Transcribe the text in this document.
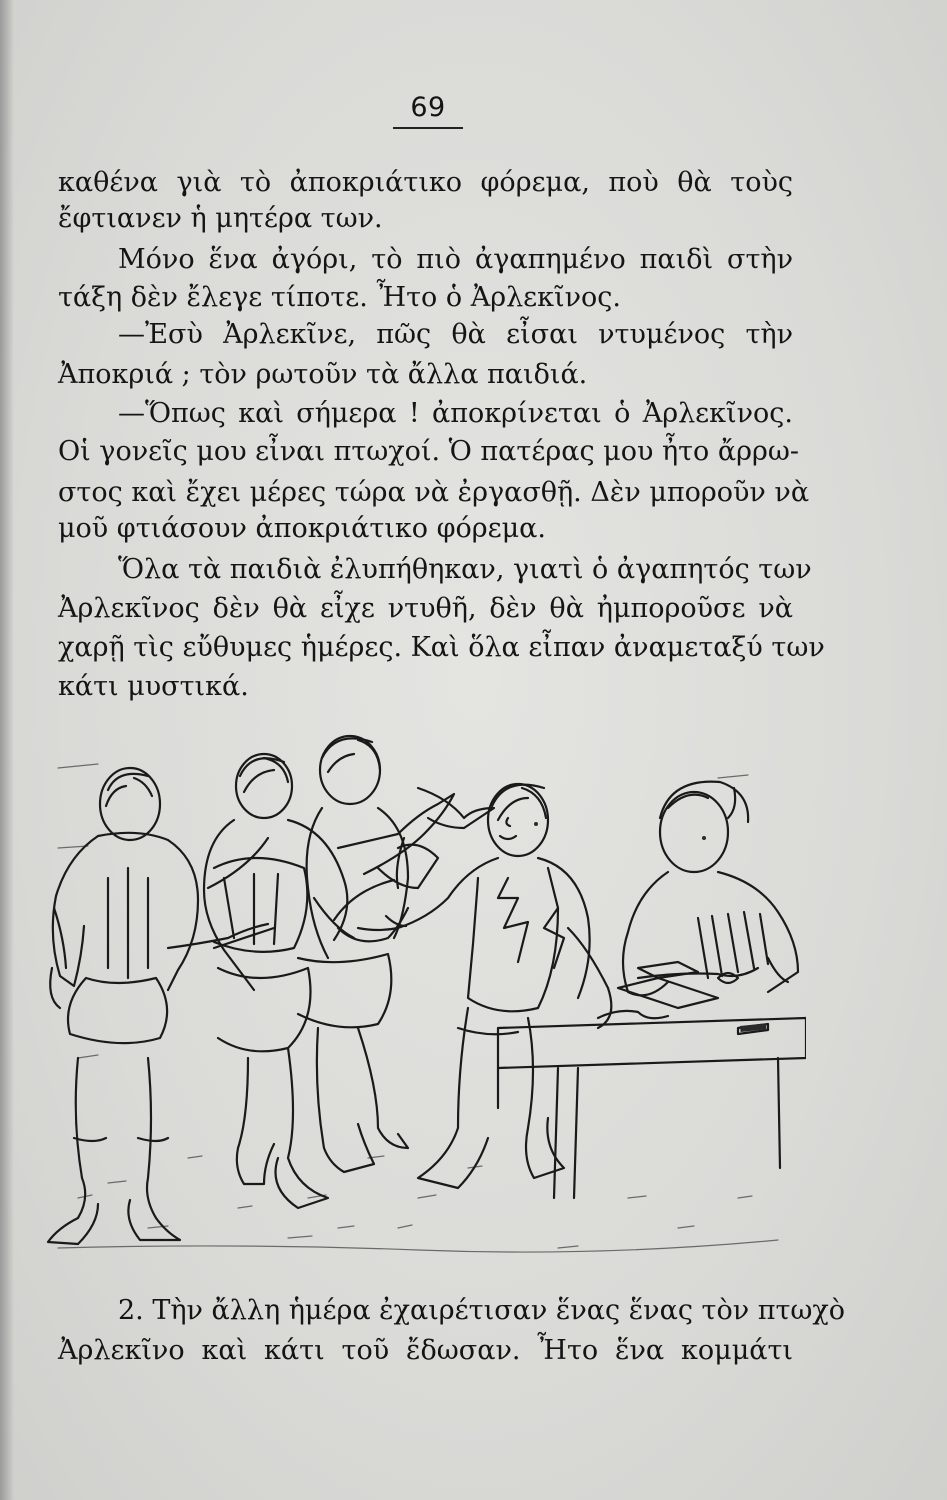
69
καθένα γιὰ τὸ ἀποκριάτικο φόρεμα, ποὺ θὰ τοὺς
ἔφτιανεν ἡ μητέρα των.
Μόνο ἕνα ἀγόρι, τὸ πιὸ ἀγαπημένο παιδὶ στὴν
τάξη δὲν ἔλεγε τίποτε. Ἦτο ὁ Ἀρλεκῖνος.
—Ἐσὺ Ἀρλεκῖνε, πῶς θὰ εἶσαι ντυμένος τὴν
Ἀποκριά ; τὸν ρωτοῦν τὰ ἄλλα παιδιά.
—Ὅπως καὶ σήμερα ! ἀποκρίνεται ὁ Ἀρλεκῖνος.
Οἱ γονεῖς μου εἶναι πτωχοί. Ὁ πατέρας μου ἦτο ἄρρω-
στος καὶ ἔχει μέρες τώρα νὰ ἐργασθῇ. Δὲν μποροῦν νὰ
μοῦ φτιάσουν ἀποκριάτικο φόρεμα.
Ὅλα τὰ παιδιὰ ἐλυπήθηκαν, γιατὶ ὁ ἀγαπητός των
Ἀρλεκῖνος δὲν θὰ εἶχε ντυθῆ, δὲν θὰ ἠμποροῦσε νὰ
χαρῇ τὶς εὔθυμες ἡμέρες. Καὶ ὅλα εἶπαν ἀναμεταξύ των
κάτι μυστικά.
2. Τὴν ἄλλη ἡμέρα ἐχαιρέτισαν ἕνας ἕνας τὸν πτωχὸ
Ἀρλεκῖνο καὶ κάτι τοῦ ἔδωσαν. Ἦτο ἕνα κομμάτι
